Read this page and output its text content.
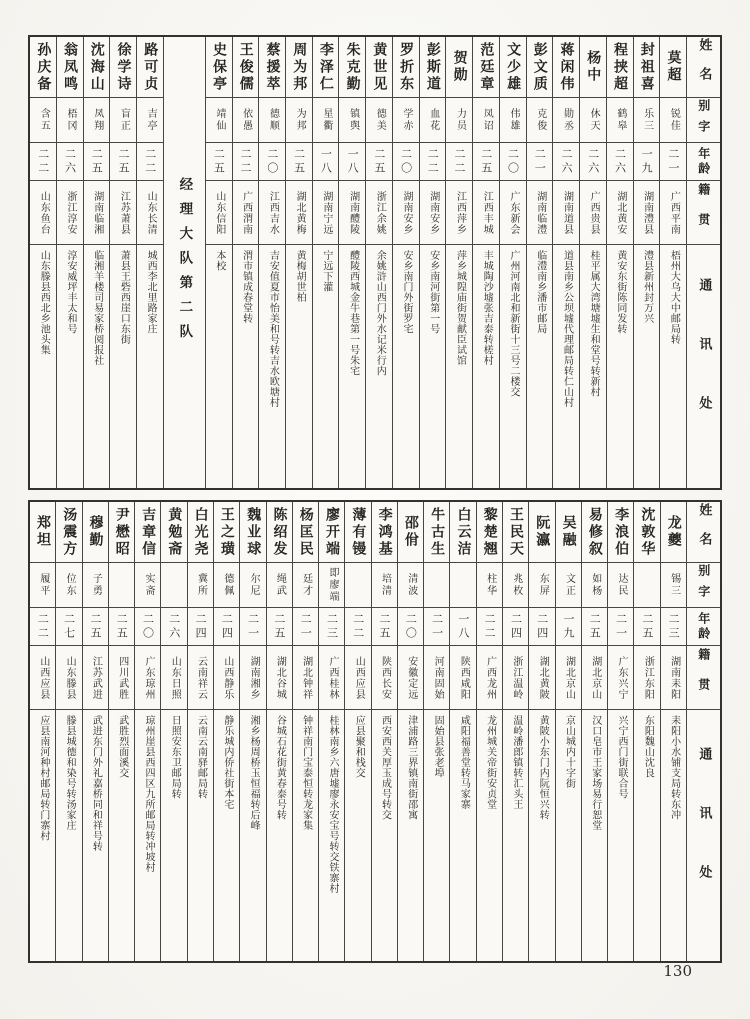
姓名
别字
年龄
籍贯
通讯处
莫超
锐佳
二一
广西平南
梧州大乌大中邮局转
封祖喜
乐三
一九
湖南澧县
澧县新州封万兴
程挟超
鹤皋
二六
湖北黄安
黄安东街陈同发转
杨中
休天
二六
广西贵县
桂平属大湾塘墟生和堂号转新村
蒋闲伟
勋丞
二六
湖南道县
道县南乡公坝墟代理邮局转仁山村
彭文质
克俊
二一
湖南临澧
临澧南乡潘市邮局
文少雄
伟雄
二〇
广东新会
广州河南北和新街十三号二楼交
范廷章
凤诏
二五
江西丰城
丰城陶沙墟张吉泰转槎村
贺勋
力员
二二
江西萍乡
萍乡城隍庙街贺献臣试馆
彭斯道
血花
二二
湖南安乡
安乡南河街第一号
罗折东
学赤
二〇
湖南安乡
安乡南门外街罗宅
黄世见
德美
二五
浙江余姚
余姚浒山西门外水记米行内
朱克勤
镇舆
一八
湖南醴陵
醴陵西城金牛巷第一号朱宅
李泽仁
星衢
一八
湖南宁远
宁远下灌
周为邦
为邦
二五
湖北黄梅
黄梅胡世柏
蔡援萃
德顺
二〇
江西吉水
吉安值夏市怡美和号转吉水欧塘村
王俊儒
依愚
二二
广西渭南
渭市镇成春堂转
史保亭
靖仙
二五
山东信阳
本校
经理大队第二队
路可贞
吉亭
二二
山东长清
城西李北里路家庄
徐学诗
盲正
二五
江苏萧县
萧县王砦西崖口东街
沈海山
凤翔
二五
湖南临湘
临湘羊楼司易家桥阅报社
翁凤鸣
梧冈
二六
浙江淳安
淳安威坪丰太和号
孙庆备
含五
二二
山东鱼台
山东滕县西北乡池头集
姓名
别字
年龄
籍贯
通讯处
龙夔
锡三
二三
湖南耒阳
耒阳小水铺支局转东冲
沈敦华
二五
浙江东阳
东阳魏山沈良
李浪伯
达民
二一
广东兴宁
兴宁西门街联合号
易修叙
如杨
二五
湖北京山
汉口皂市王家场易行恕堂
吴融
文正
一九
湖北京山
京山城内十字街
阮瀛
东屏
二四
湖北黄陂
黄陂小东门内阮恒兴转
王民天
兆枚
二四
浙江温岭
温岭潘郎镇转汇头王
黎楚翘
柱华
二二
广西龙州
龙州城关帝街安贞堂
白云洁
一八
陕西咸阳
咸阳福善堂转马家寨
牛古生
二一
河南固始
固始县张老埠
邵佾
清波
二〇
安徽定远
津浦路三界镇南街邵寓
李鸿基
培清
二五
陕西长安
西安西关厚玉成号转交
薄有镘
二二
山西应县
应县聚和栈交
廖开端
即廖端
二三
广西桂林
桂林南乡六唐墟廖永安宝号转交铁寨村
杨匡民
廷才
二一
湖北钟祥
钟祥南门宝泰恒转龙家集
陈绍发
绳武
二五
湖北谷城
谷城石花街黄春泰号转
魏业球
尔尼
二一
湖南湘乡
湘乡杨周桥玉恒福转后峰
王之璜
德佩
二四
山西静乐
静乐城内侨社街本宅
白光尧
冀所
二四
云南祥云
云南云南驿邮局转
黄勉斋
二六
山东日照
日照安东卫邮局转
吉章信
实斋
二〇
广东琼州
琼州崖县西四区九所邮局转冲坡村
尹懋昭
二五
四川武胜
武胜烈面溪交
穆勤
子勇
二五
江苏武进
武进东门外礼嘉桥同和祥号转
汤震方
位东
二七
山东滕县
滕县城德和染号转汤家庄
郑坦
履平
二二
山西应县
应县南河种村邮局转门寨村
130
